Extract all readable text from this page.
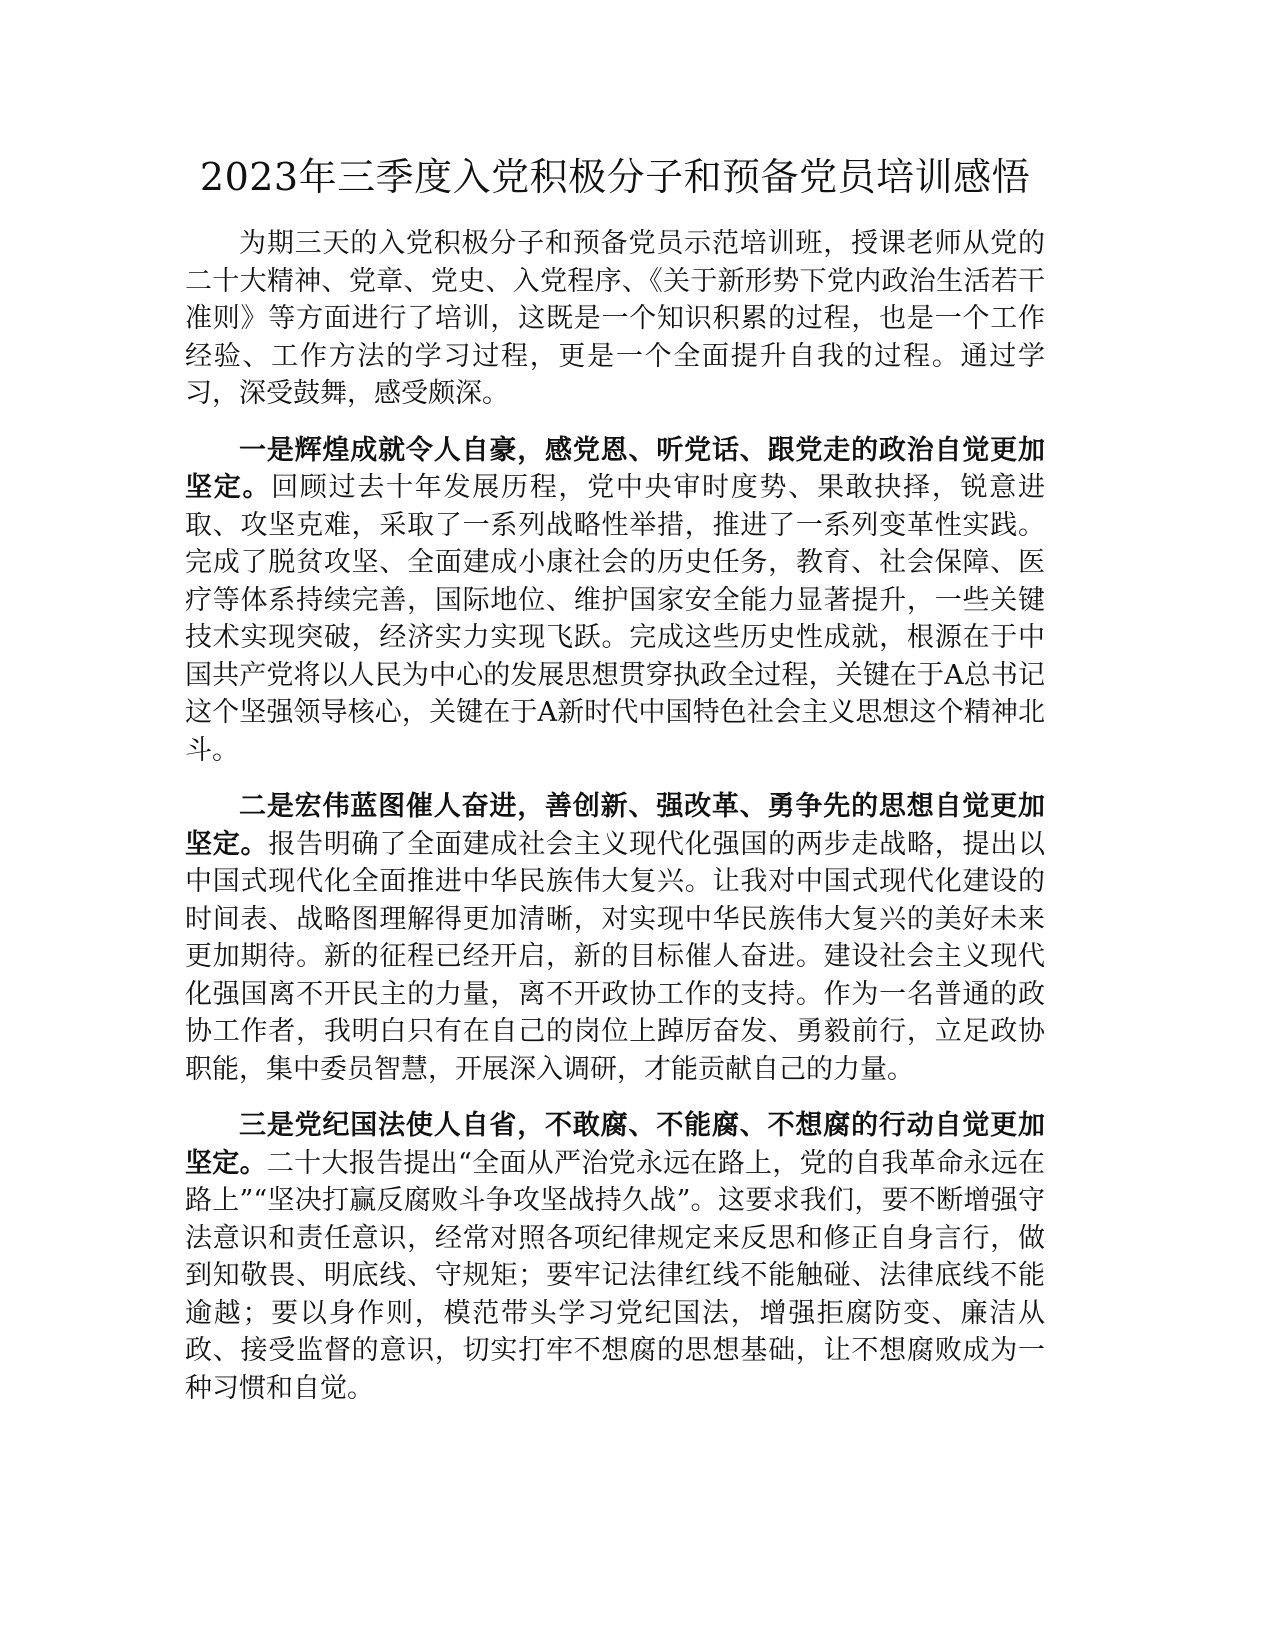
2023年三季度入党积极分子和预备党员培训感悟

为期三天的入党积极分子和预备党员示范培训班，授课老师从党的二十大精神、党章、党史、入党程序、《关于新形势下党内政治生活若干准则》等方面进行了培训，这既是一个知识积累的过程，也是一个工作经验、工作方法的学习过程，更是一个全面提升自我的过程。通过学习，深受鼓舞，感受颇深。

一是辉煌成就令人自豪，感党恩、听党话、跟党走的政治自觉更加坚定。回顾过去十年发展历程，党中央审时度势、果敢抉择，锐意进取、攻坚克难，采取了一系列战略性举措，推进了一系列变革性实践。完成了脱贫攻坚、全面建成小康社会的历史任务，教育、社会保障、医疗等体系持续完善，国际地位、维护国家安全能力显著提升，一些关键技术实现突破，经济实力实现飞跃。完成这些历史性成就，根源在于中国共产党将以人民为中心的发展思想贯穿执政全过程，关键在于A总书记这个坚强领导核心，关键在于A新时代中国特色社会主义思想这个精神北斗。

二是宏伟蓝图催人奋进，善创新、强改革、勇争先的思想自觉更加坚定。报告明确了全面建成社会主义现代化强国的两步走战略，提出以中国式现代化全面推进中华民族伟大复兴。让我对中国式现代化建设的时间表、战略图理解得更加清晰，对实现中华民族伟大复兴的美好未来更加期待。新的征程已经开启，新的目标催人奋进。建设社会主义现代化强国离不开民主的力量，离不开政协工作的支持。作为一名普通的政协工作者，我明白只有在自己的岗位上踔厉奋发、勇毅前行，立足政协职能，集中委员智慧，开展深入调研，才能贡献自己的力量。

三是党纪国法使人自省，不敢腐、不能腐、不想腐的行动自觉更加坚定。二十大报告提出“全面从严治党永远在路上，党的自我革命永远在路上”“坚决打赢反腐败斗争攻坚战持久战”。这要求我们，要不断增强守法意识和责任意识，经常对照各项纪律规定来反思和修正自身言行，做到知敬畏、明底线、守规矩；要牢记法律红线不能触碰、法律底线不能逾越；要以身作则，模范带头学习党纪国法，增强拒腐防变、廉洁从政、接受监督的意识，切实打牢不想腐的思想基础，让不想腐败成为一种习惯和自觉。
